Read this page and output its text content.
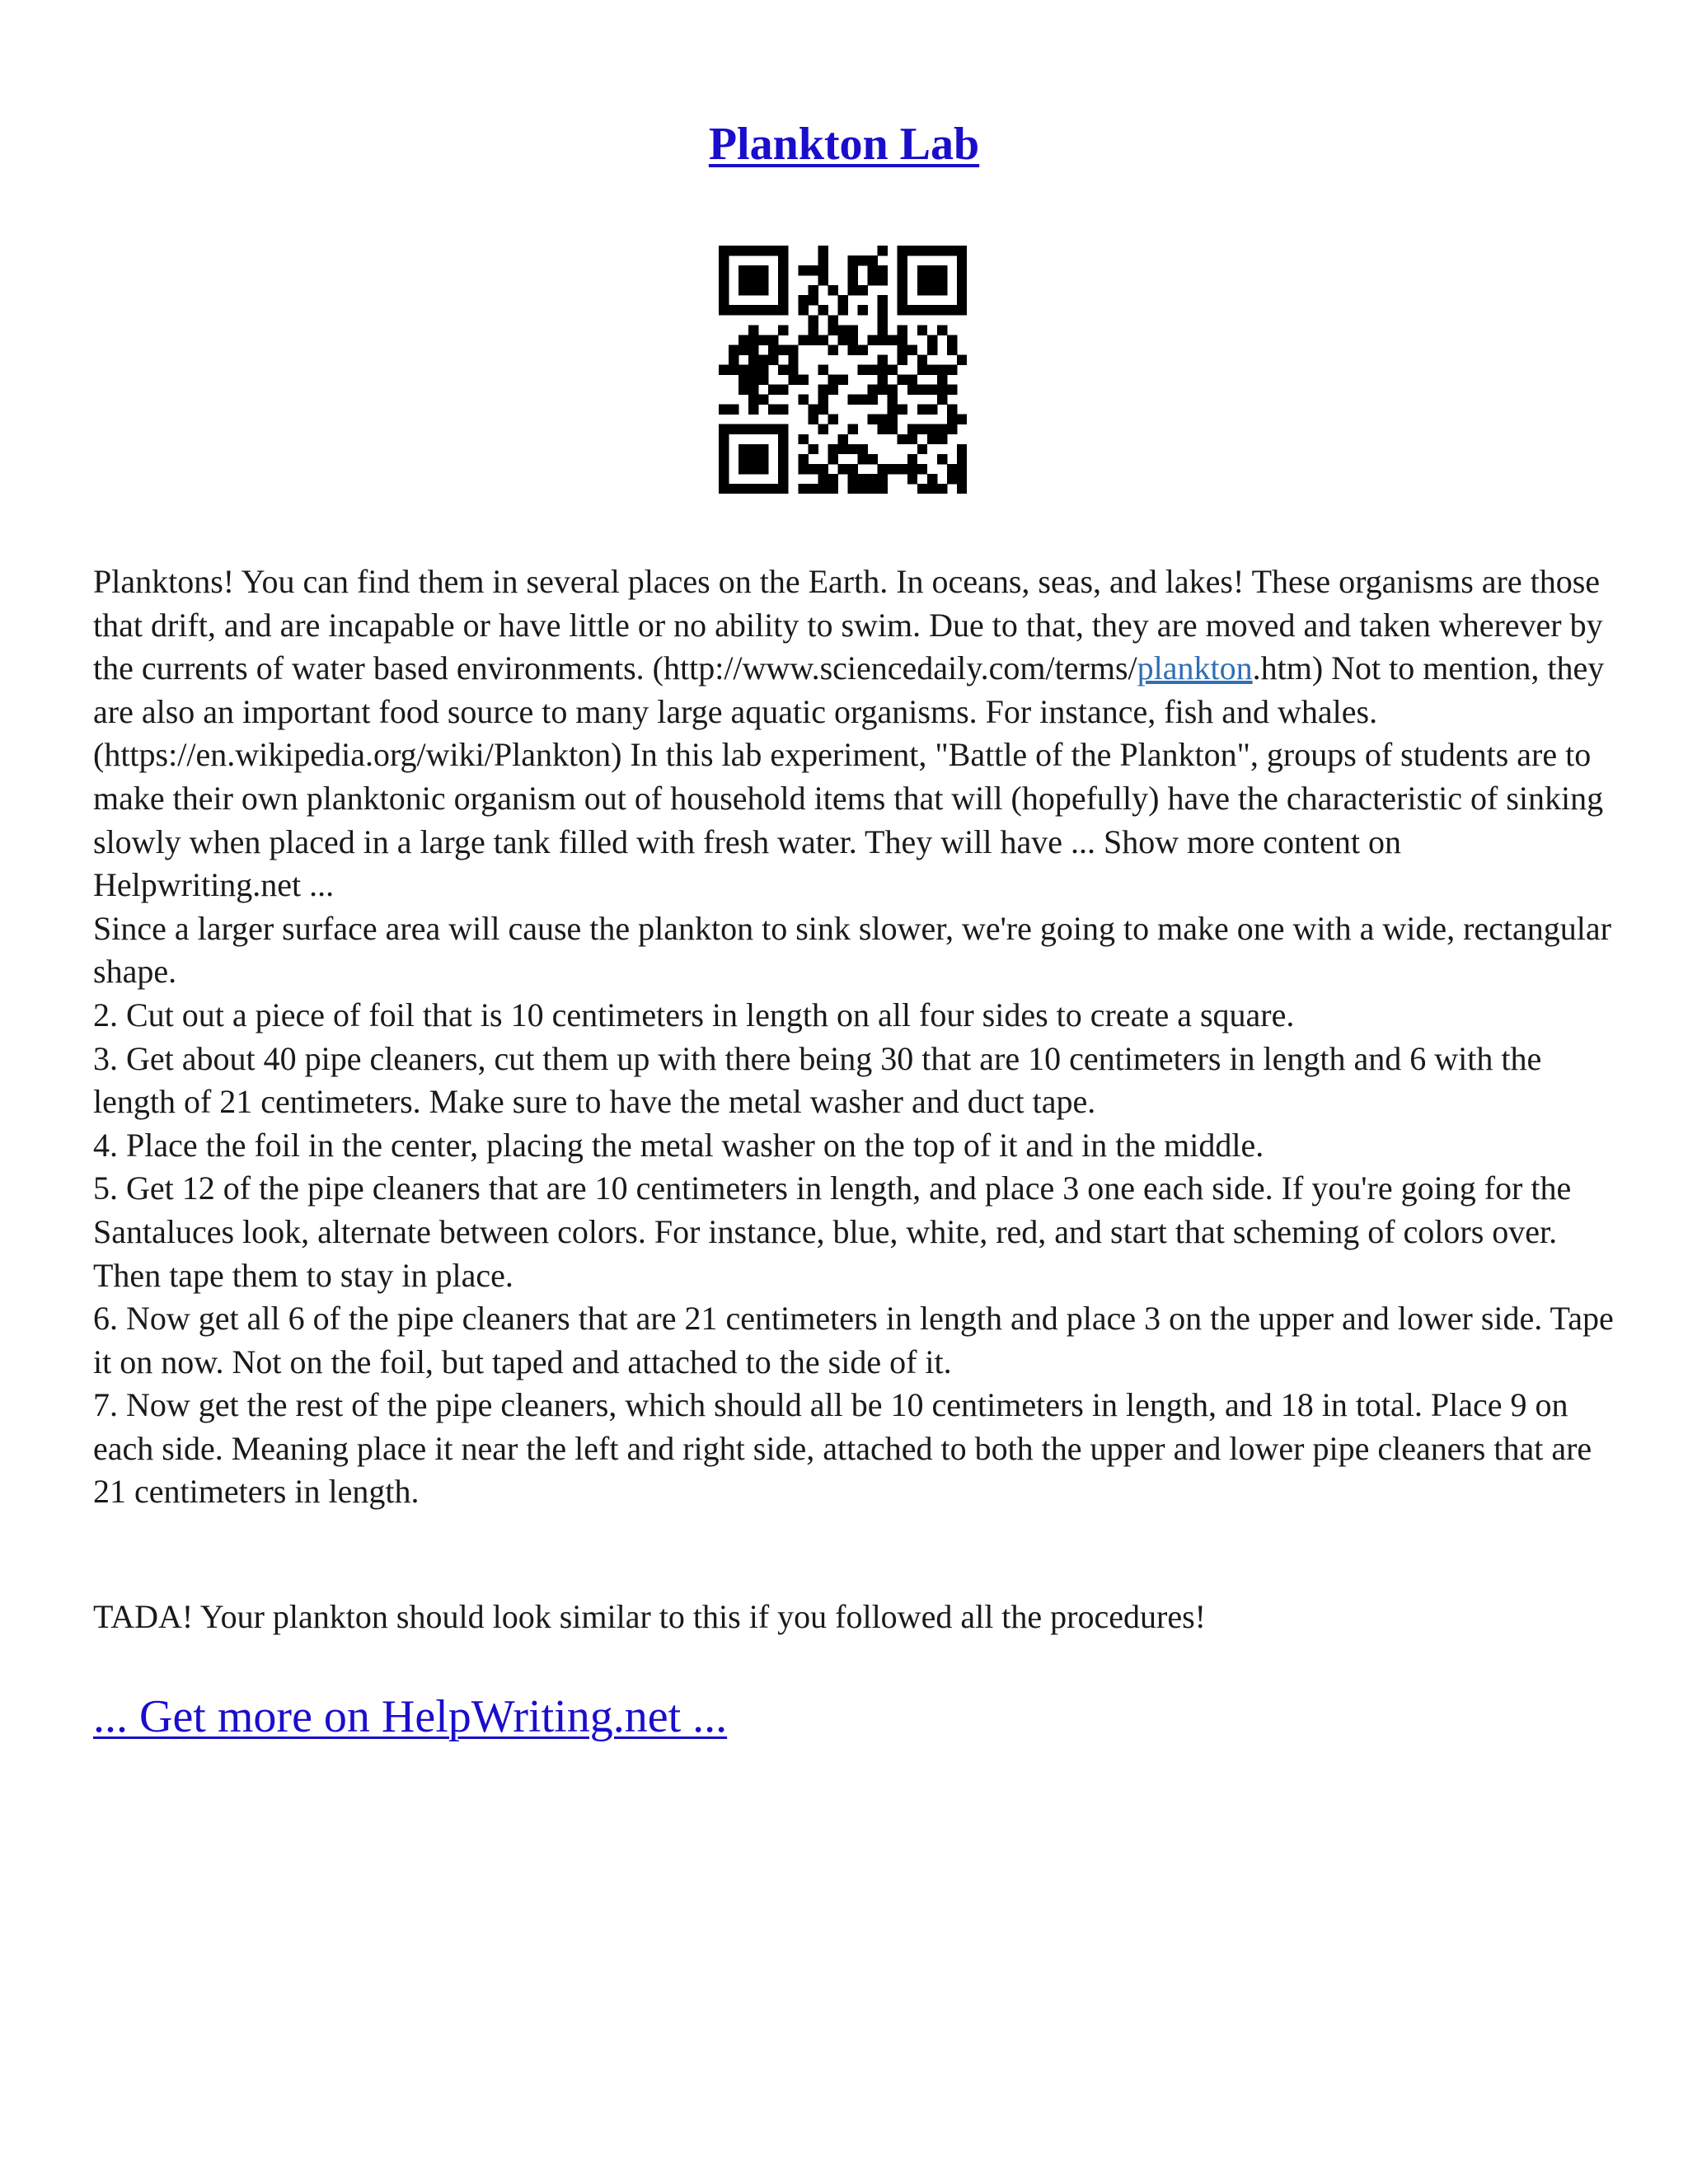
Plankton Lab

Planktons! You can find them in several places on the Earth. In oceans, seas, and lakes! These organisms are those that drift, and are incapable or have little or no ability to swim. Due to that, they are moved and taken wherever by the currents of water based environments. (http://www.sciencedaily.com/terms/plankton.htm) Not to mention, they are also an important food source to many large aquatic organisms. For instance, fish and whales. (https://en.wikipedia.org/wiki/Plankton) In this lab experiment, "Battle of the Plankton", groups of students are to make their own planktonic organism out of household items that will (hopefully) have the characteristic of sinking slowly when placed in a large tank filled with fresh water. They will have ... Show more content on Helpwriting.net ...

Since a larger surface area will cause the plankton to sink slower, we're going to make one with a wide, rectangular shape.

2. Cut out a piece of foil that is 10 centimeters in length on all four sides to create a square.

3. Get about 40 pipe cleaners, cut them up with there being 30 that are 10 centimeters in length and 6 with the length of 21 centimeters. Make sure to have the metal washer and duct tape.

4. Place the foil in the center, placing the metal washer on the top of it and in the middle.

5. Get 12 of the pipe cleaners that are 10 centimeters in length, and place 3 one each side. If you're going for the Santaluces look, alternate between colors. For instance, blue, white, red, and start that scheming of colors over. Then tape them to stay in place.

6. Now get all 6 of the pipe cleaners that are 21 centimeters in length and place 3 on the upper and lower side. Tape it on now. Not on the foil, but taped and attached to the side of it.

7. Now get the rest of the pipe cleaners, which should all be 10 centimeters in length, and 18 in total. Place 9 on each side. Meaning place it near the left and right side, attached to both the upper and lower pipe cleaners that are 21 centimeters in length.

TADA! Your plankton should look similar to this if you followed all the procedures!

... Get more on HelpWriting.net ...
